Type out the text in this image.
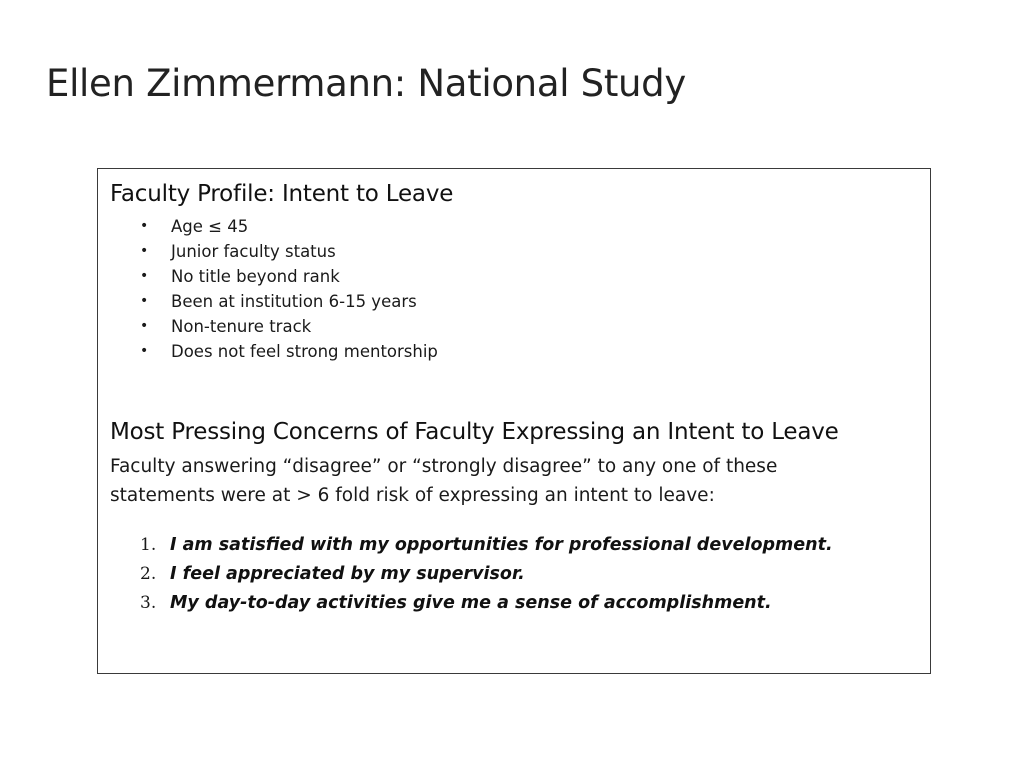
Ellen Zimmermann: National Study
Faculty Profile: Intent to Leave
• Age ≤ 45
• Junior faculty status
• No title beyond rank
• Been at institution 6-15 years
• Non-tenure track
• Does not feel strong mentorship
Most Pressing Concerns of Faculty Expressing an Intent to Leave

Faculty answering “disagree” or “strongly disagree” to any one of these statements were at > 6 fold risk of expressing an intent to leave:

1. I am satisfied with my opportunities for professional development.
2. I feel appreciated by my supervisor.
3. My day-to-day activities give me a sense of accomplishment.
